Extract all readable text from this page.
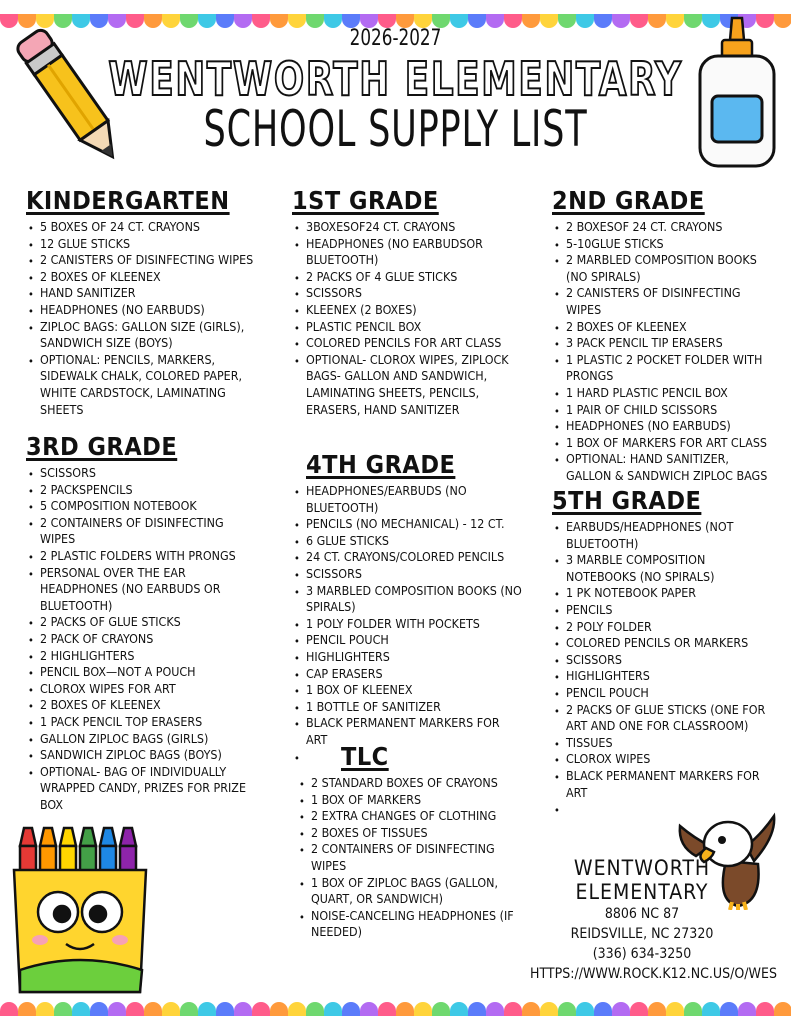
2026-2027
WENTWORTH ELEMENTARY
SCHOOL SUPPLY LIST
KINDERGARTEN
• 5 BOXES OF 24 CT. CRAYONS
• 12 GLUE STICKS
• 2 CANISTERS OF DISINFECTING WIPES
• 2 BOXES OF KLEENEX
• HAND SANITIZER
• HEADPHONES (NO EARBUDS)
• ZIPLOC BAGS: GALLON SIZE (GIRLS), SANDWICH SIZE (BOYS)
• OPTIONAL: PENCILS, MARKERS, SIDEWALK CHALK, COLORED PAPER, WHITE CARDSTOCK, LAMINATING SHEETS
1ST GRADE
• 3BOXESOF24 CT. CRAYONS
• HEADPHONES (NO EARBUDSOR BLUETOOTH)
• 2 PACKS OF 4 GLUE STICKS
• SCISSORS
• KLEENEX (2 BOXES)
• PLASTIC PENCIL BOX
• COLORED PENCILS FOR ART CLASS
• OPTIONAL- CLOROX WIPES, ZIPLOCK BAGS- GALLON AND SANDWICH, LAMINATING SHEETS, PENCILS, ERASERS, HAND SANITIZER
2ND GRADE
• 2 BOXESOF 24 CT. CRAYONS
• 5-10GLUE STICKS
• 2 MARBLED COMPOSITION BOOKS (NO SPIRALS)
• 2 CANISTERS OF DISINFECTING WIPES
• 2 BOXES OF KLEENEX
• 3 PACK PENCIL TIP ERASERS
• 1 PLASTIC 2 POCKET FOLDER WITH PRONGS
• 1 HARD PLASTIC PENCIL BOX
• 1 PAIR OF CHILD SCISSORS
• HEADPHONES (NO EARBUDS)
• 1 BOX OF MARKERS FOR ART CLASS
• OPTIONAL: HAND SANITIZER, GALLON & SANDWICH ZIPLOC BAGS
3RD GRADE
• SCISSORS
• 2 PACKSPENCILS
• 5 COMPOSITION NOTEBOOK
• 2 CONTAINERS OF DISINFECTING WIPES
• 2 PLASTIC FOLDERS WITH PRONGS
• PERSONAL OVER THE EAR HEADPHONES (NO EARBUDS OR BLUETOOTH)
• 2 PACKS OF GLUE STICKS
• 2 PACK OF CRAYONS
• 2 HIGHLIGHTERS
• PENCIL BOX—NOT A POUCH
• CLOROX WIPES FOR ART
• 2 BOXES OF KLEENEX
• 1 PACK PENCIL TOP ERASERS
• GALLON ZIPLOC BAGS (GIRLS)
• SANDWICH ZIPLOC BAGS (BOYS)
• OPTIONAL- BAG OF INDIVIDUALLY WRAPPED CANDY, PRIZES FOR PRIZE BOX
4TH GRADE
• HEADPHONES/EARBUDS (NO BLUETOOTH)
• PENCILS (NO MECHANICAL) - 12 CT.
• 6 GLUE STICKS
• 24 CT. CRAYONS/COLORED PENCILS
• SCISSORS
• 3 MARBLED COMPOSITION BOOKS (NO SPIRALS)
• 1 POLY FOLDER WITH POCKETS
• PENCIL POUCH
• HIGHLIGHTERS
• CAP ERASERS
• 1 BOX OF KLEENEX
• 1 BOTTLE OF SANITIZER
• BLACK PERMANENT MARKERS FOR ART
•
5TH GRADE
• EARBUDS/HEADPHONES (NOT BLUETOOTH)
• 3 MARBLE COMPOSITION NOTEBOOKS (NO SPIRALS)
• 1 PK NOTEBOOK PAPER
• PENCILS
• 2 POLY FOLDER
• COLORED PENCILS OR MARKERS
• SCISSORS
• HIGHLIGHTERS
• PENCIL POUCH
• 2 PACKS OF GLUE STICKS (ONE FOR ART AND ONE FOR CLASSROOM)
• TISSUES
• CLOROX WIPES
• BLACK PERMANENT MARKERS FOR ART
•
TLC
• 2 STANDARD BOXES OF CRAYONS
• 1 BOX OF MARKERS
• 2 EXTRA CHANGES OF CLOTHING
• 2 BOXES OF TISSUES
• 2 CONTAINERS OF DISINFECTING WIPES
• 1 BOX OF ZIPLOC BAGS (GALLON, QUART, OR SANDWICH)
• NOISE-CANCELING HEADPHONES (IF NEEDED)
WENTWORTH
ELEMENTARY
8806 NC 87
REIDSVILLE, NC 27320
(336) 634-3250
HTTPS://WWW.ROCK.K12.NC.US/O/WES
